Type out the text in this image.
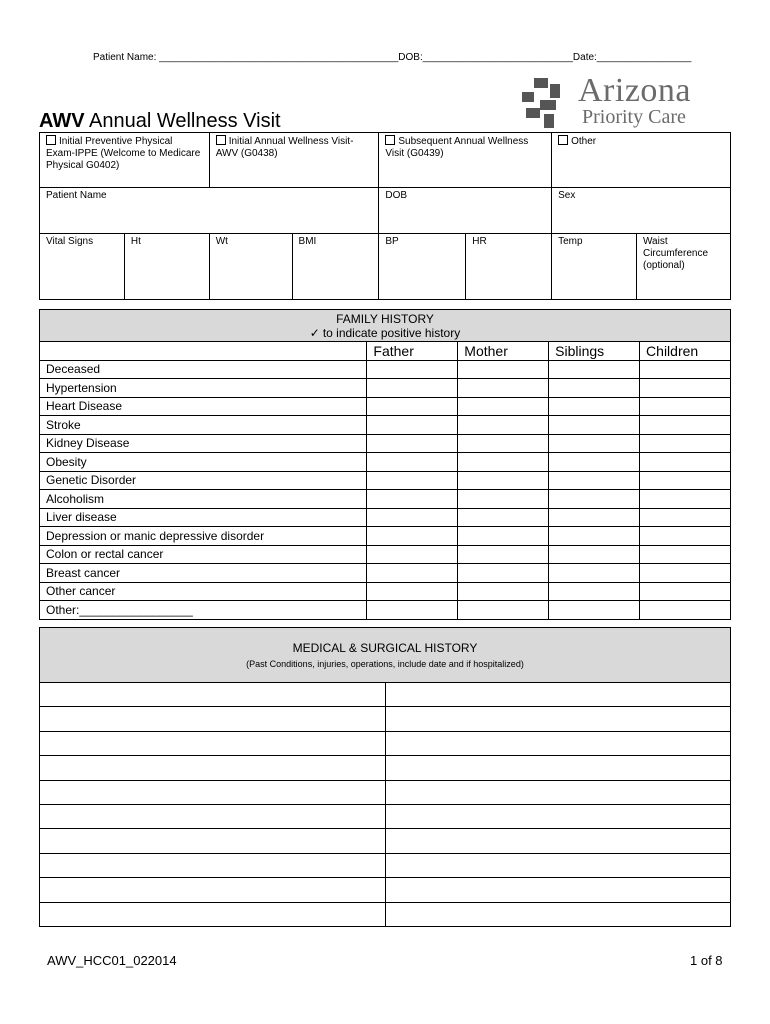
Patient Name: ___________________________________________DOB:___________________________Date:_________________
AWV Annual Wellness Visit
Arizona
Priority Care
Initial Preventive Physical Exam-IPPE (Welcome to Medicare Physical G0402)		Initial Annual Wellness Visit-AWV (G0438)		Subsequent Annual Wellness Visit (G0439)		Other	
Patient Name				DOB		Sex	
Vital Signs	Ht	Wt	BMI	BP	HR	Temp	Waist Circumference (optional)
FAMILY HISTORY
✓ to indicate positive history				

	Father	Mother	Siblings	Children
Deceased				
Hypertension				
Heart Disease				
Stroke				
Kidney Disease				
Obesity				
Genetic Disorder				
Alcoholism				
Liver disease				
Depression or manic depressive disorder				
Colon or rectal cancer				
Breast cancer				
Other cancer				
Other:_________________				
MEDICAL & SURGICAL HISTORY
(Past Conditions, injuries, operations, include date and if hospitalized)	

AWV_HCC01_022014	1 of 8
